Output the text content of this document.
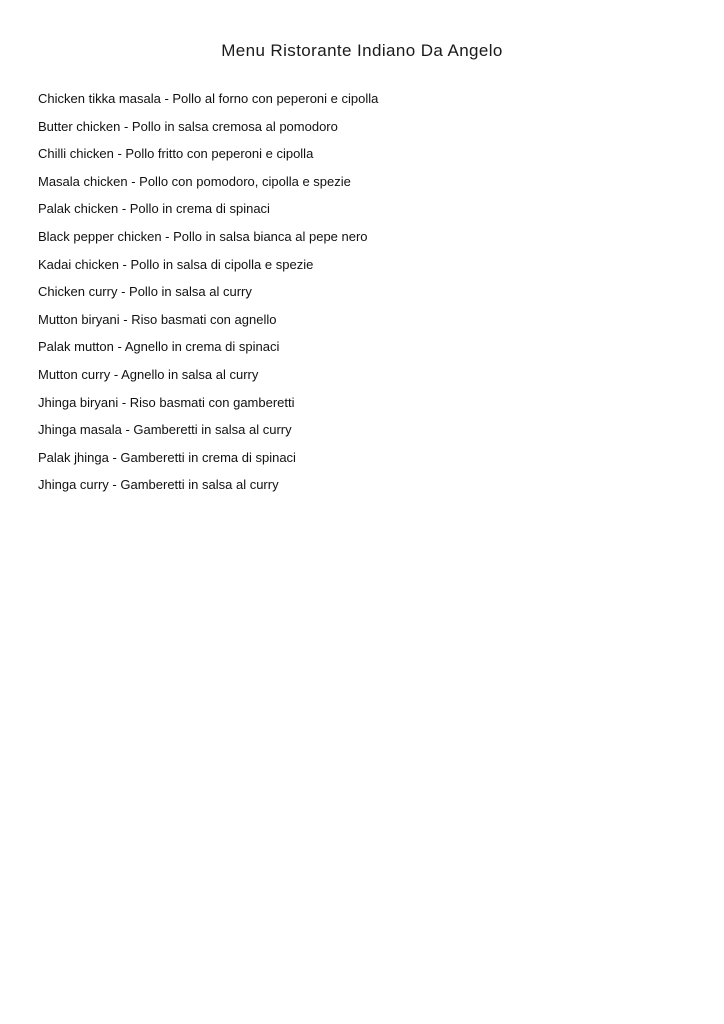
Menu Ristorante Indiano Da Angelo
Chicken tikka masala - Pollo al forno con peperoni e cipolla
Butter chicken - Pollo in salsa cremosa al pomodoro
Chilli chicken - Pollo fritto con peperoni e cipolla
Masala chicken - Pollo con pomodoro, cipolla e spezie
Palak chicken - Pollo in crema di spinaci
Black pepper chicken - Pollo in salsa bianca al pepe nero
Kadai chicken - Pollo in salsa di cipolla e spezie
Chicken curry - Pollo in salsa al curry
Mutton biryani - Riso basmati con agnello
Palak mutton - Agnello in crema di spinaci
Mutton curry - Agnello in salsa al curry
Jhinga biryani - Riso basmati con gamberetti
Jhinga masala - Gamberetti in salsa al curry
Palak jhinga - Gamberetti in crema di spinaci
Jhinga curry - Gamberetti in salsa al curry
